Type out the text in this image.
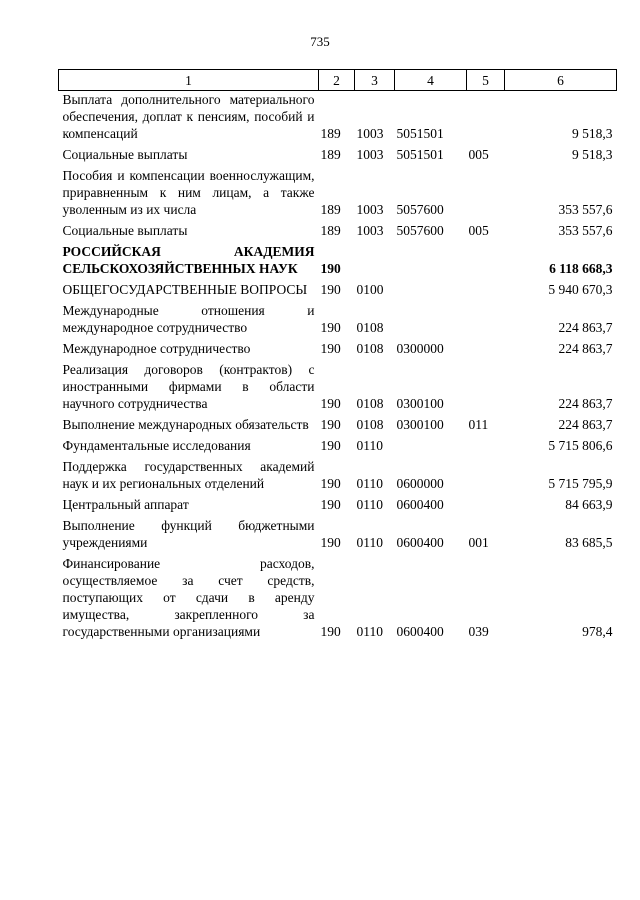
735
1	2	3	4	5	6
Выплата дополнительного материального обеспечения, доплат к пенсиям, пособий и компенсаций	189	1003	5051501		9 518,3
Социальные выплаты	189	1003	5051501	005	9 518,3
Пособия и компенсации военнослужащим, приравненным к ним лицам, а также уволенным из их числа	189	1003	5057600		353 557,6
Социальные выплаты	189	1003	5057600	005	353 557,6
РОССИЙСКАЯ АКАДЕМИЯ СЕЛЬСКОХОЗЯЙСТВЕННЫХ НАУК	190				6 118 668,3
ОБЩЕГОСУДАРСТВЕННЫЕ ВОПРОСЫ	190	0100			5 940 670,3
Международные отношения и международное сотрудничество	190	0108			224 863,7
Международное сотрудничество	190	0108	0300000		224 863,7
Реализация договоров (контрактов) с иностранными фирмами в области научного сотрудничества	190	0108	0300100		224 863,7
Выполнение международных обязательств	190	0108	0300100	011	224 863,7
Фундаментальные исследования	190	0110			5 715 806,6
Поддержка государственных академий наук и их региональных отделений	190	0110	0600000		5 715 795,9
Центральный аппарат	190	0110	0600400		84 663,9
Выполнение функций бюджетными учреждениями	190	0110	0600400	001	83 685,5
Финансирование расходов, осуществляемое за счет средств, поступающих от сдачи в аренду имущества, закрепленного за государственными организациями	190	0110	0600400	039	978,4
